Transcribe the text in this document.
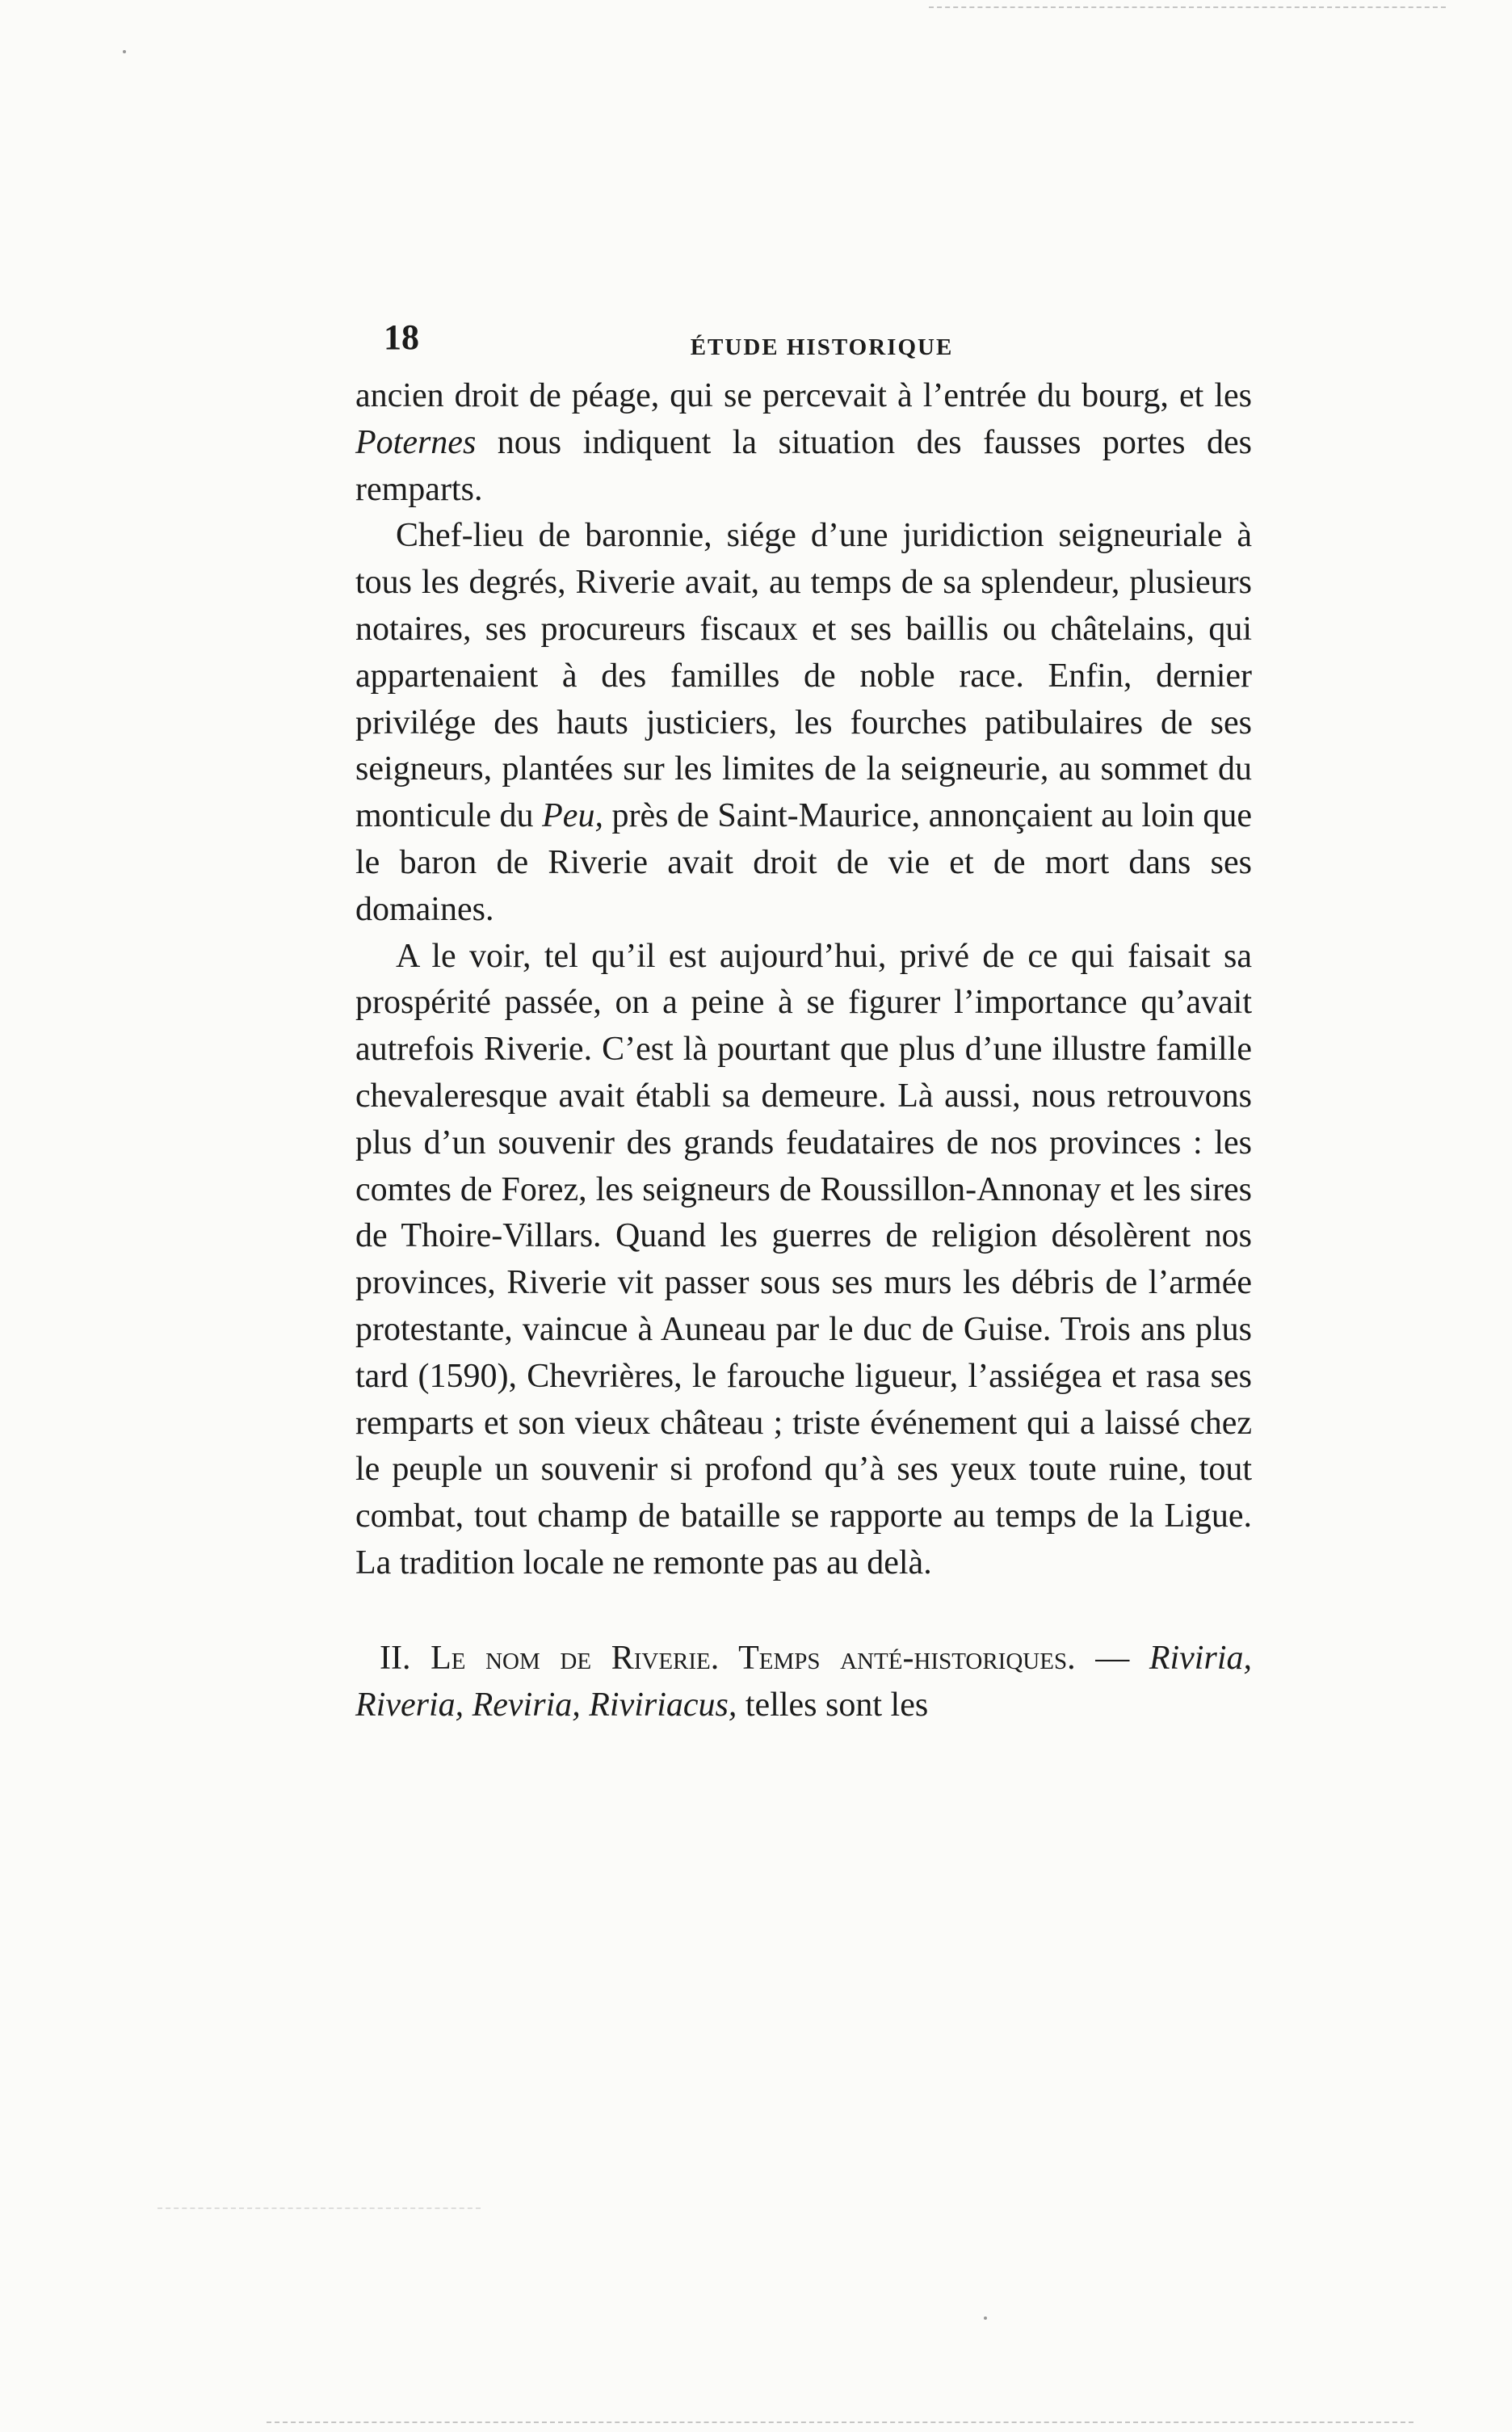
18	ÉTUDE HISTORIQUE

ancien droit de péage, qui se percevait à l’entrée du bourg, et les Poternes nous indiquent la situation des fausses portes des remparts.

Chef-lieu de baronnie, siége d’une juridiction seigneuriale à tous les degrés, Riverie avait, au temps de sa splendeur, plusieurs notaires, ses procureurs fiscaux et ses baillis ou châtelains, qui appartenaient à des familles de noble race. Enfin, dernier privilége des hauts justiciers, les fourches patibulaires de ses seigneurs, plantées sur les limites de la seigneurie, au sommet du monticule du Peu, près de Saint-Maurice, annonçaient au loin que le baron de Riverie avait droit de vie et de mort dans ses domaines.

A le voir, tel qu’il est aujourd’hui, privé de ce qui faisait sa prospérité passée, on a peine à se figurer l’importance qu’avait autrefois Riverie. C’est là pourtant que plus d’une illustre famille chevaleresque avait établi sa demeure. Là aussi, nous retrouvons plus d’un souvenir des grands feudataires de nos provinces : les comtes de Forez, les seigneurs de Roussillon-Annonay et les sires de Thoire-Villars. Quand les guerres de religion désolèrent nos provinces, Riverie vit passer sous ses murs les débris de l’armée protestante, vaincue à Auneau par le duc de Guise. Trois ans plus tard (1590), Chevrières, le farouche ligueur, l’assiégea et rasa ses remparts et son vieux château ; triste événement qui a laissé chez le peuple un souvenir si profond qu’à ses yeux toute ruine, tout combat, tout champ de bataille se rapporte au temps de la Ligue. La tradition locale ne remonte pas au delà.

II. Le nom de Riverie. Temps anté-historiques. — Riviria, Riveria, Reviria, Riviriacus, telles sont les
